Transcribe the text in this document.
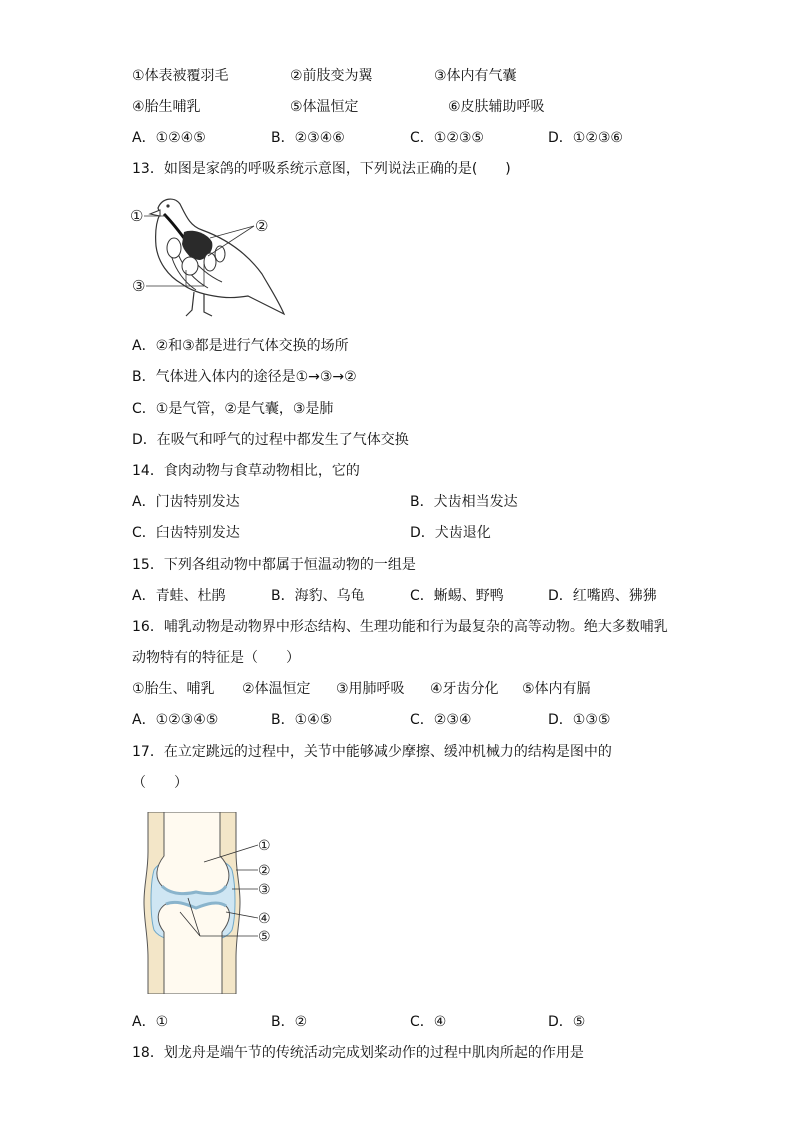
①体表被覆羽毛	②前肢变为翼	③体内有气囊
④胎生哺乳	⑤体温恒定	⑥皮肤辅助呼吸
A．①②④⑤	B．②③④⑥	C．①②③⑤	D．①②③⑥
13．如图是家鸽的呼吸系统示意图，下列说法正确的是(　　)
①
②
③
A．②和③都是进行气体交换的场所
B．气体进入体内的途径是①→③→②
C．①是气管，②是气囊，③是肺
D．在吸气和呼气的过程中都发生了气体交换
14．食肉动物与食草动物相比，它的
A．门齿特别发达	B．犬齿相当发达
C．臼齿特别发达	D．犬齿退化
15．下列各组动物中都属于恒温动物的一组是
A．青蛙、杜鹃	B．海豹、乌龟	C．蜥蜴、野鸭	D．红嘴鸥、狒狒
16．哺乳动物是动物界中形态结构、生理功能和行为最复杂的高等动物。绝大多数哺乳
动物特有的特征是（　　）
①胎生、哺乳 ②体温恒定 ③用肺呼吸 ④牙齿分化 ⑤体内有膈
A．①②③④⑤	B．①④⑤	C．②③④	D．①③⑤
17．在立定跳远的过程中，关节中能够减少摩擦、缓冲机械力的结构是图中的
（　　）
①
②
③
④
⑤
A．①	B．②	C．④	D．⑤
18．划龙舟是端午节的传统活动完成划桨动作的过程中肌肉所起的作用是
